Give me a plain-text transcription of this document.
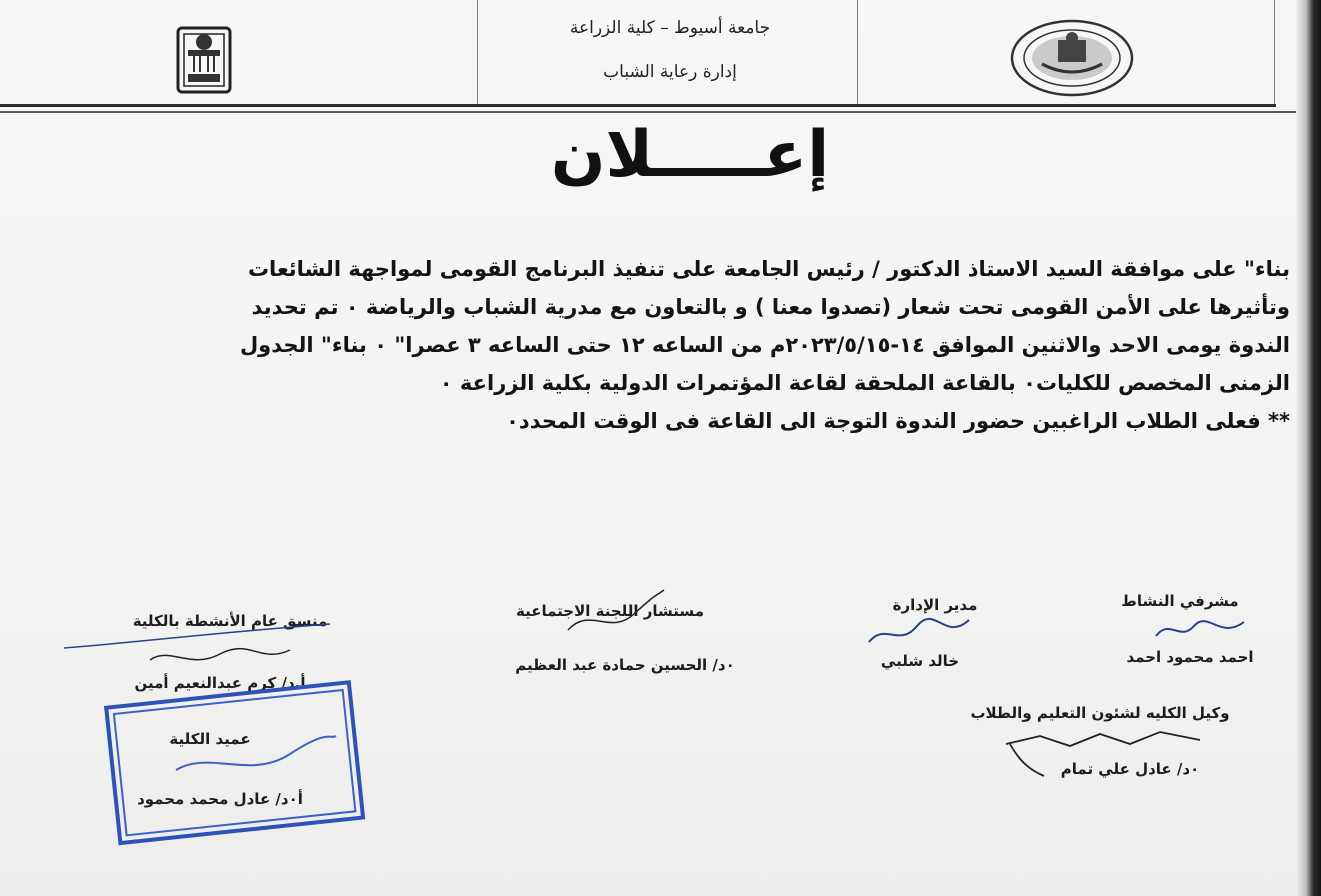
جامعة أسيوط – كلية الزراعة
إدارة رعاية الشباب
إعـــــلان

بناء" على موافقة السيد الاستاذ الدكتور / رئيس الجامعة على تنفيذ البرنامج القومى لمواجهة الشائعات

وتأثيرها على الأمن القومى تحت شعار (تصدوا معنا ) و بالتعاون مع مدرية الشباب والرياضة ٠ تم تحديد

الندوة يومى الاحد والاثنين الموافق ١٤-٢٠٢٣/٥/١٥م من الساعه ١٢ حتى الساعه ٣ عصرا" ٠ بناء" الجدول

الزمنى المخصص للكليات٠ بالقاعة الملحقة لقاعة المؤتمرات الدولية بكلية الزراعة ٠

** فعلى الطلاب الراغبين حضور الندوة التوجة الى القاعة فى الوقت المحدد٠

مشرفي النشاط
احمد محمود احمد
مدير الإدارة
خالد شلبي
مستشار اللجنة الاجتماعية
٠د/ الحسين حمادة عبد العظيم
منسق عام الأنشطة بالكلية
أ.د/ كرم عبدالنعيم أمين
وكيل الكليه لشئون التعليم والطلاب
٠د/ عادل علي تمام
عميد الكلية
أ٠د/ عادل محمد محمود
